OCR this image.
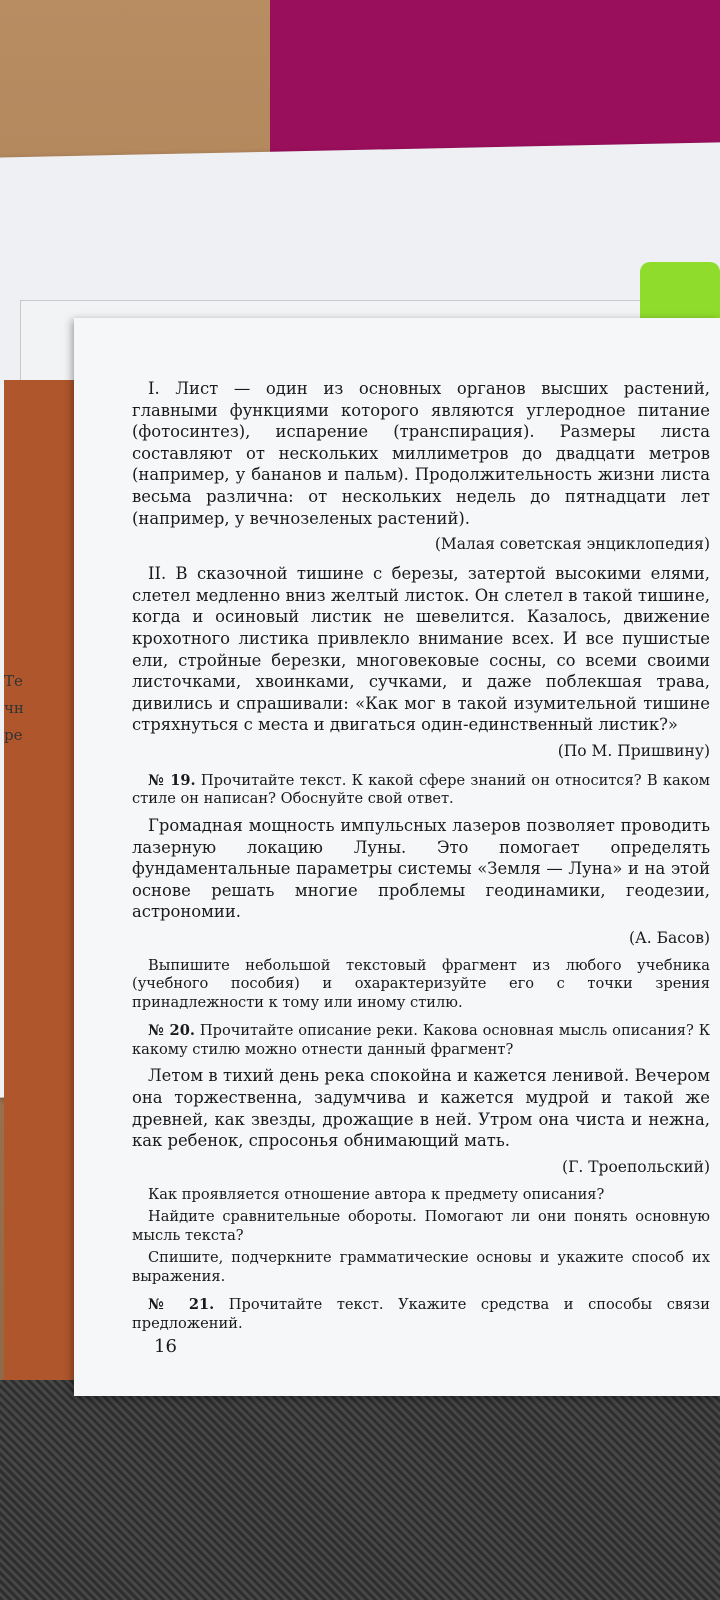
Те
чн
ре

I. Лист — один из основных органов высших растений, главными функциями которого являются углеродное питание (фотосинтез), испарение (транспирация). Размеры листа составляют от нескольких миллиметров до двадцати метров (например, у бананов и пальм). Продолжительность жизни листа весьма различна: от нескольких недель до пятнадцати лет (например, у вечнозеленых растений).

(Малая советская энциклопедия)

II. В сказочной тишине с березы, затертой высокими елями, слетел медленно вниз желтый листок. Он слетел в такой тишине, когда и осиновый листик не шевелится. Казалось, движение крохотного листика привлекло внимание всех. И все пушистые ели, стройные березки, многовековые сосны, со всеми своими листочками, хвоинками, сучками, и даже поблекшая трава, дивились и спрашивали: «Как мог в такой изумительной тишине стряхнуться с места и двигаться один-единственный листик?»

(По М. Пришвину)

№ 19. Прочитайте текст. К какой сфере знаний он относится? В каком стиле он написан? Обоснуйте свой ответ.

Громадная мощность импульсных лазеров позволяет проводить лазерную локацию Луны. Это помогает определять фундаментальные параметры системы «Земля — Луна» и на этой основе решать многие проблемы геодинамики, геодезии, астрономии.

(А. Басов)

Выпишите небольшой текстовый фрагмент из любого учебника (учебного пособия) и охарактеризуйте его с точки зрения принадлежности к тому или иному стилю.

№ 20. Прочитайте описание реки. Какова основная мысль описания? К какому стилю можно отнести данный фрагмент?

Летом в тихий день река спокойна и кажется ленивой. Вечером она торжественна, задумчива и кажется мудрой и такой же древней, как звезды, дрожащие в ней. Утром она чиста и нежна, как ребенок, спросонья обнимающий мать.

(Г. Троепольский)

Как проявляется отношение автора к предмету описания?

Найдите сравнительные обороты. Помогают ли они понять основную мысль текста?

Спишите, подчеркните грамматические основы и укажите способ их выражения.

№ 21. Прочитайте текст. Укажите средства и способы связи предложений.

16
